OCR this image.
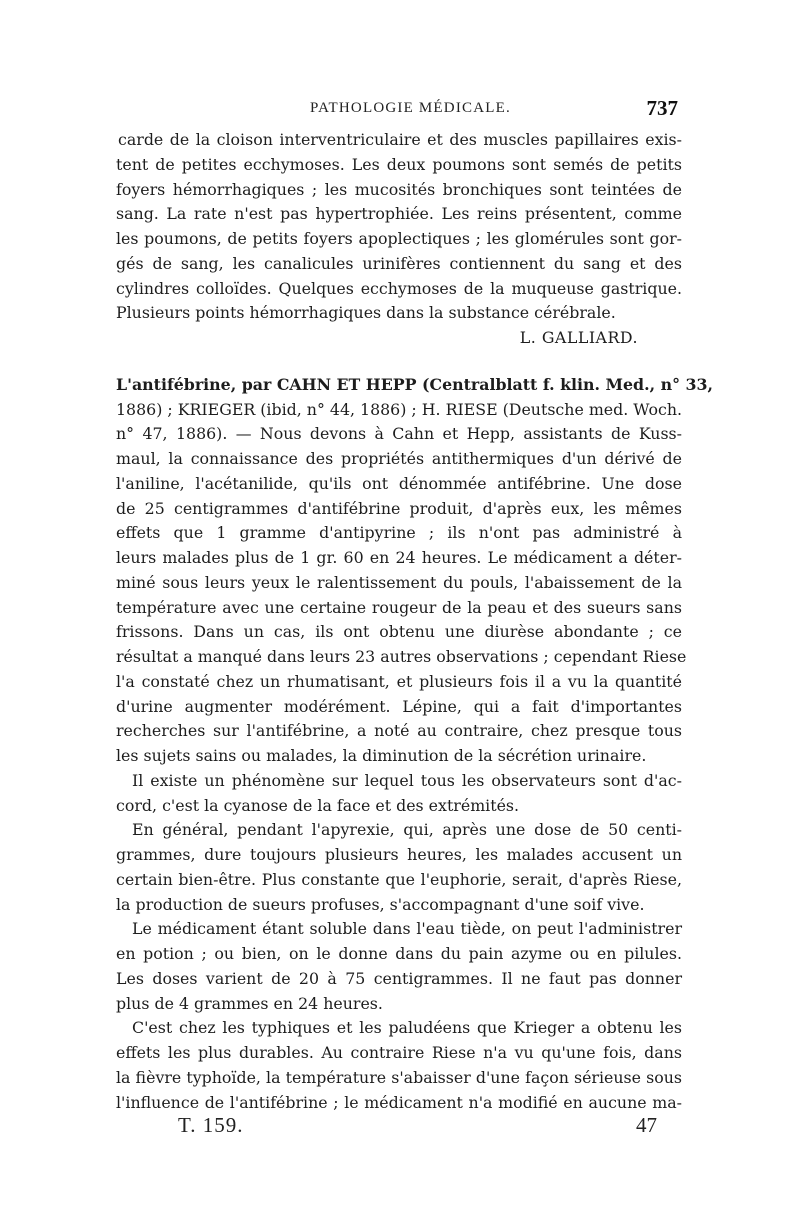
PATHOLOGIE MÉDICALE.	737
carde de la cloison interventriculaire et des muscles papillaires exis-
tent de petites ecchymoses. Les deux poumons sont semés de petits
foyers hémorrhagiques ; les mucosités bronchiques sont teintées de
sang. La rate n'est pas hypertrophiée. Les reins présentent, comme
les poumons, de petits foyers apoplectiques ; les glomérules sont gor-
gés de sang, les canalicules urinifères contiennent du sang et des
cylindres colloïdes. Quelques ecchymoses de la muqueuse gastrique.
Plusieurs points hémorrhagiques dans la substance cérébrale.
L. GALLIARD.
L'antifébrine, par CAHN ET HEPP (Centralblatt f. klin. Med., n° 33,
1886) ; KRIEGER (ibid, n° 44, 1886) ; H. RIESE (Deutsche med. Woch.
n° 47, 1886). — Nous devons à Cahn et Hepp, assistants de Kuss-
maul, la connaissance des propriétés antithermiques d'un dérivé de
l'aniline, l'acétanilide, qu'ils ont dénommée antifébrine. Une dose
de 25 centigrammes d'antifébrine produit, d'après eux, les mêmes
effets que 1 gramme d'antipyrine ; ils n'ont pas administré à
leurs malades plus de 1 gr. 60 en 24 heures. Le médicament a déter-
miné sous leurs yeux le ralentissement du pouls, l'abaissement de la
température avec une certaine rougeur de la peau et des sueurs sans
frissons. Dans un cas, ils ont obtenu une diurèse abondante ; ce
résultat a manqué dans leurs 23 autres observations ; cependant Riese
l'a constaté chez un rhumatisant, et plusieurs fois il a vu la quantité
d'urine augmenter modérément. Lépine, qui a fait d'importantes
recherches sur l'antifébrine, a noté au contraire, chez presque tous
les sujets sains ou malades, la diminution de la sécrétion urinaire.
Il existe un phénomène sur lequel tous les observateurs sont d'ac-
cord, c'est la cyanose de la face et des extrémités.
En général, pendant l'apyrexie, qui, après une dose de 50 centi-
grammes, dure toujours plusieurs heures, les malades accusent un
certain bien-être. Plus constante que l'euphorie, serait, d'après Riese,
la production de sueurs profuses, s'accompagnant d'une soif vive.
Le médicament étant soluble dans l'eau tiède, on peut l'administrer
en potion ; ou bien, on le donne dans du pain azyme ou en pilules.
Les doses varient de 20 à 75 centigrammes. Il ne faut pas donner
plus de 4 grammes en 24 heures.
C'est chez les typhiques et les paludéens que Krieger a obtenu les
effets les plus durables. Au contraire Riese n'a vu qu'une fois, dans
la fièvre typhoïde, la température s'abaisser d'une façon sérieuse sous
l'influence de l'antifébrine ; le médicament n'a modifié en aucune ma-
T. 159.	47
